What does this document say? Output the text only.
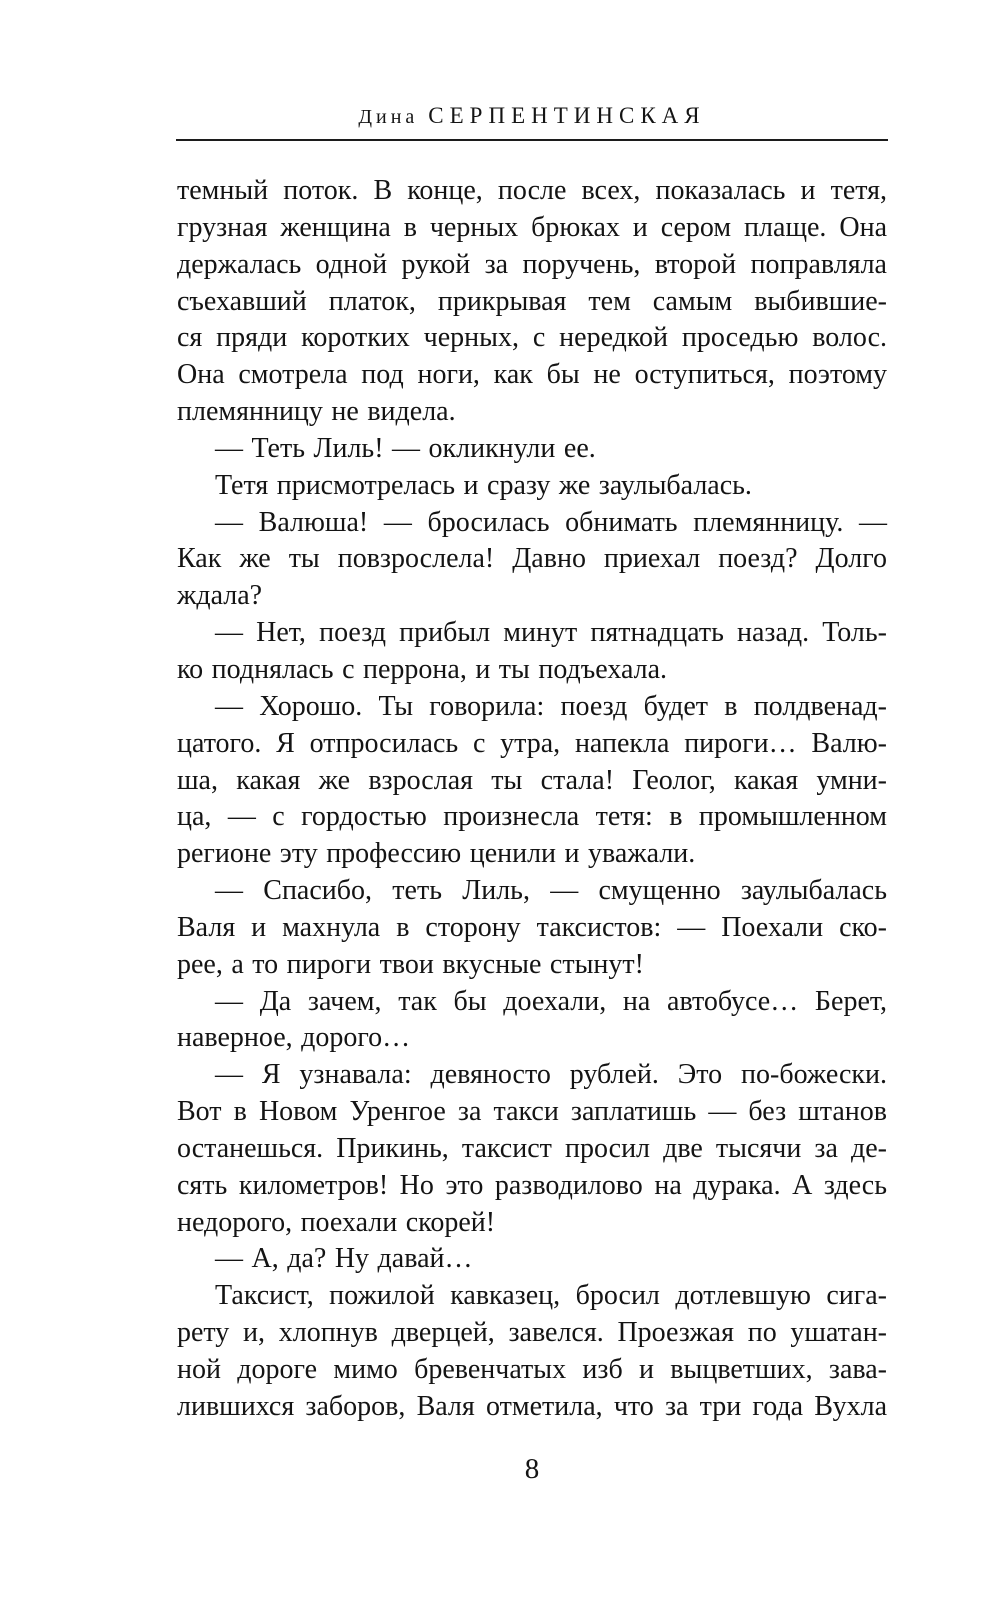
Дина СЕРПЕНТИНСКАЯ
темный поток. В конце, после всех, показалась и тетя,
грузная женщина в черных брюках и сером плаще. Она
держалась одной рукой за поручень, второй поправляла
съехавший платок, прикрывая тем самым выбившие-
ся пряди коротких черных, с нередкой проседью волос.
Она смотрела под ноги, как бы не оступиться, поэтому
племянницу не видела.
— Теть Лиль! — окликнули ее.
Тетя присмотрелась и сразу же заулыбалась.
— Валюша! — бросилась обнимать племянницу. —
Как же ты повзрослела! Давно приехал поезд? Долго
ждала?
— Нет, поезд прибыл минут пятнадцать назад. Толь-
ко поднялась с перрона, и ты подъехала.
— Хорошо. Ты говорила: поезд будет в полдвенад-
цатого. Я отпросилась с утра, напекла пироги… Валю-
ша, какая же взрослая ты стала! Геолог, какая умни-
ца, — с гордостью произнесла тетя: в промышленном
регионе эту профессию ценили и уважали.
— Спасибо, теть Лиль, — смущенно заулыбалась
Валя и махнула в сторону таксистов: — Поехали ско-
рее, а то пироги твои вкусные стынут!
— Да зачем, так бы доехали, на автобусе… Берет,
наверное, дорого…
— Я узнавала: девяносто рублей. Это по-божески.
Вот в Новом Уренгое за такси заплатишь — без штанов
останешься. Прикинь, таксист просил две тысячи за де-
сять километров! Но это разводилово на дурака. А здесь
недорого, поехали скорей!
— А, да? Ну давай…
Таксист, пожилой кавказец, бросил дотлевшую сига-
рету и, хлопнув дверцей, завелся. Проезжая по ушатан-
ной дороге мимо бревенчатых изб и выцветших, зава-
лившихся заборов, Валя отметила, что за три года Вухла
8
